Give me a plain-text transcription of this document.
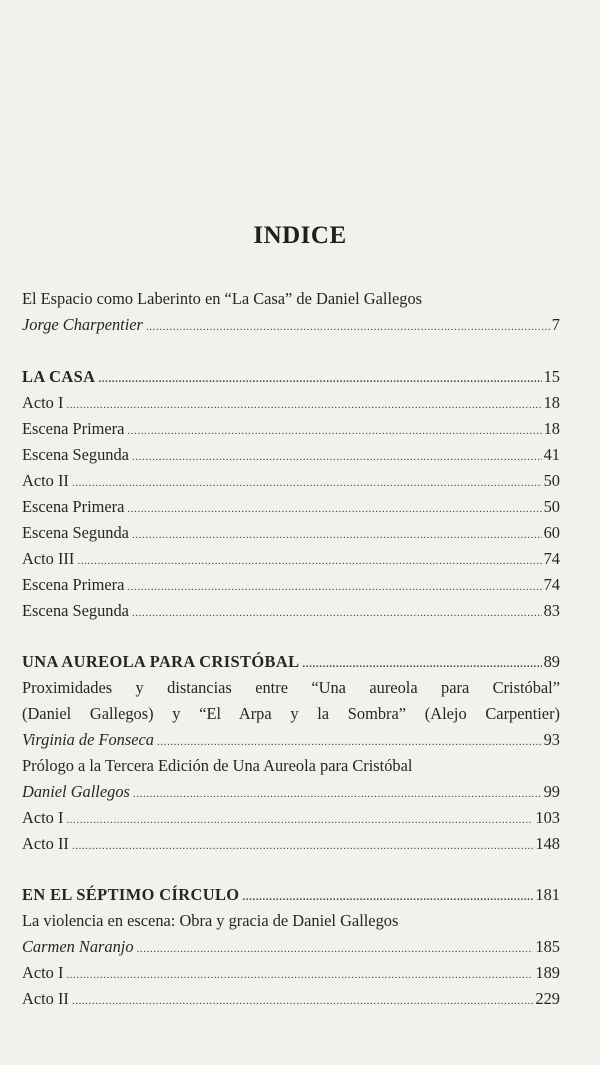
INDICE
El Espacio como Laberinto en “La Casa” de Daniel Gallegos
Jorge Charpentier .....	7
LA CASA .....	15
Acto I .....	18
Escena Primera .....	18
Escena Segunda .....	41
Acto II .....	50
Escena Primera .....	50
Escena Segunda .....	60
Acto III .....	74
Escena Primera .....	74
Escena Segunda .....	83
UNA AUREOLA PARA CRISTÓBAL .....	89
Proximidades y distancias entre “Una aureola para Cristóbal”
(Daniel Gallegos) y “El Arpa y la Sombra” (Alejo Carpentier)
Virginia de Fonseca .....	93
Prólogo a la Tercera Edición de Una Aureola para Cristóbal
Daniel Gallegos .....	99
Acto I .....	103
Acto II .....	148
EN EL SÉPTIMO CÍRCULO .....	181
La violencia en escena: Obra y gracia de Daniel Gallegos
Carmen Naranjo .....	185
Acto I .....	189
Acto II .....	229
